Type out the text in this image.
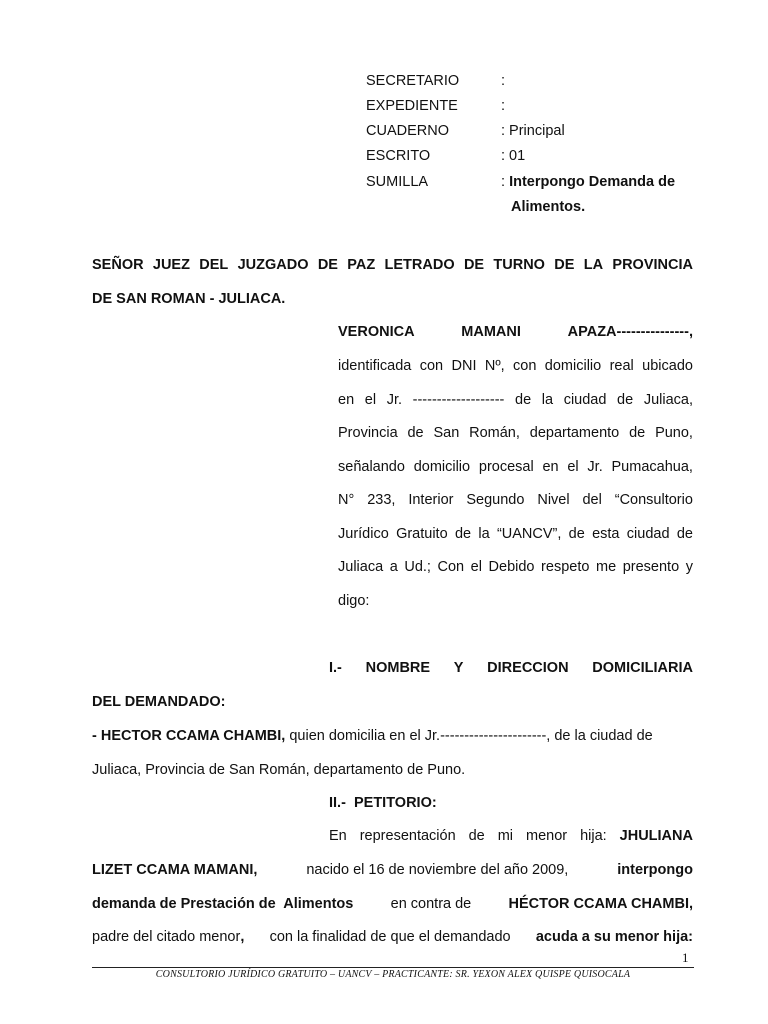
SECRETARIO	:
EXPEDIENTE	:
CUADERNO	: Principal
ESCRITO	: 01
SUMILLA	: Interpongo Demanda de
Alimentos.
SEÑOR JUEZ DEL JUZGADO DE PAZ LETRADO DE TURNO DE LA PROVINCIA
DE SAN ROMAN - JULIACA.
VERONICA	MAMANI	APAZA---------------,
identificada con DNI Nº, con domicilio real ubicado
en el Jr. ------------------- de la ciudad de Juliaca,
Provincia de San Román, departamento de Puno,
señalando domicilio procesal en el Jr. Pumacahua,
N° 233, Interior Segundo Nivel del “Consultorio
Jurídico Gratuito de la “UANCV”, de esta ciudad de
Juliaca a Ud.; Con el Debido respeto me presento y
digo:
I.- NOMBRE Y DIRECCION DOMICILIARIA
DEL DEMANDADO:
- HECTOR CCAMA CHAMBI, quien domicilia en el Jr.----------------------, de la ciudad de
Juliaca, Provincia de San Román, departamento de Puno.
II.-  PETITORIO:
En representación de mi menor hija: JHULIANA
LIZET CCAMA MAMANI,	nacido el 16 de noviembre del año 2009,	interpongo
demanda de Prestación de  Alimentos	en contra de	HÉCTOR CCAMA CHAMBI,
padre del citado menor, con la finalidad de que el demandado acuda a su menor hija:
1
CONSULTORIO JURÍDICO GRATUITO – UANCV – PRACTICANTE: SR. YEXON ALEX QUISPE QUISOCALA
